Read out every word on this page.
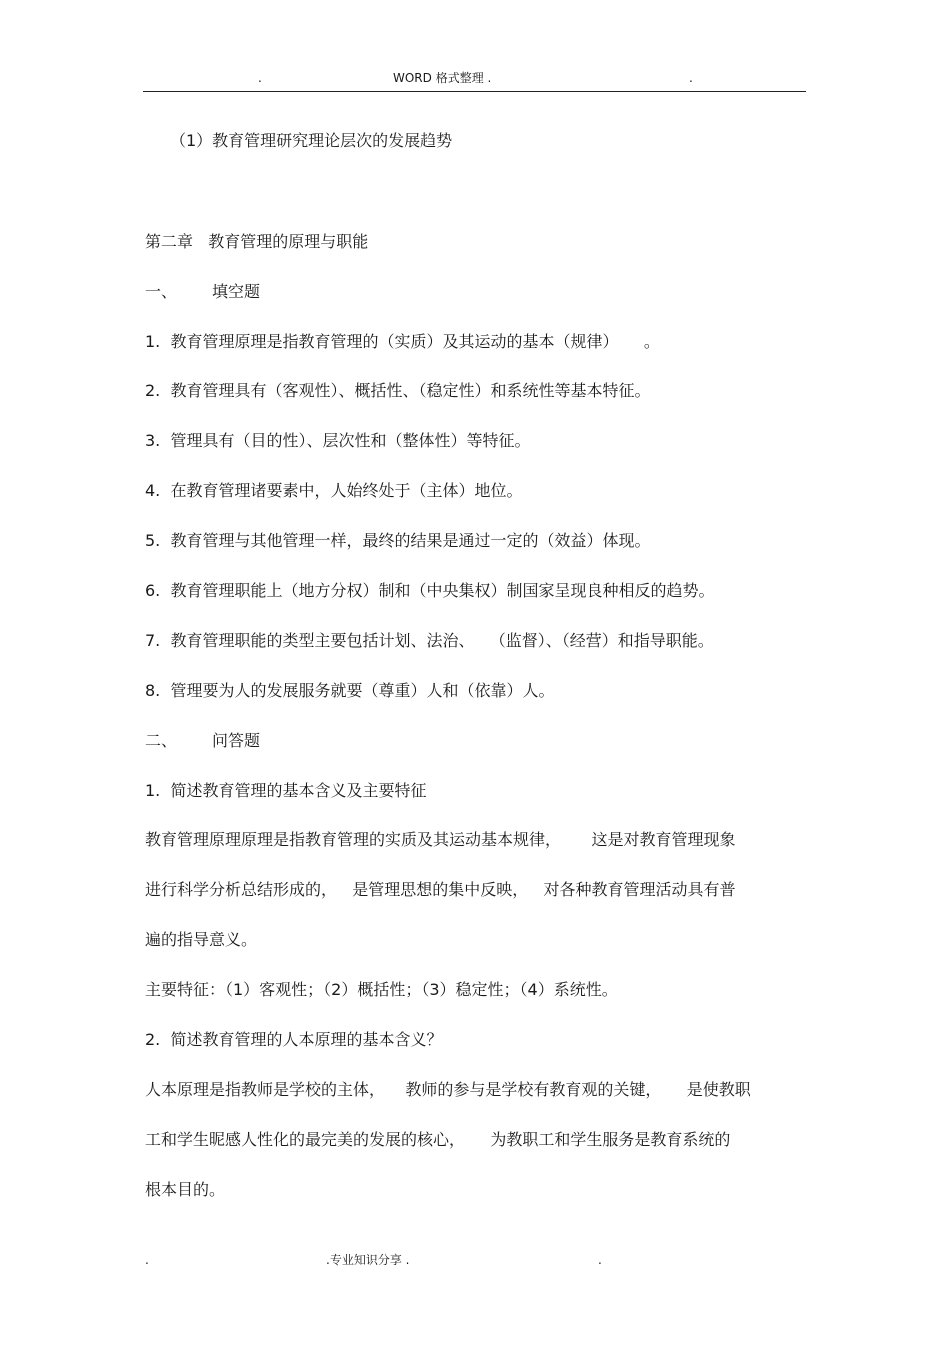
.	WORD 格式整理 .	.
（1）教育管理研究理论层次的发展趋势
第二章   教育管理的原理与职能
一、 填空题
1.  教育管理原理是指教育管理的（实质）及其运动的基本（规律）     。
2.  教育管理具有（客观性）、概括性、（稳定性）和系统性等基本特征。
3.  管理具有（目的性）、层次性和（整体性）等特征。
4.  在教育管理诸要素中，人始终处于（主体）地位。
5.  教育管理与其他管理一样，最终的结果是通过一定的（效益）体现。
6.  教育管理职能上（地方分权）制和（中央集权）制国家呈现良种相反的趋势。
7.  教育管理职能的类型主要包括计划、法治、   （监督）、（经营）和指导职能。
8.  管理要为人的发展服务就要（尊重）人和（依靠）人。
二、 问答题
1.  简述教育管理的基本含义及主要特征
教育管理原理原理是指教育管理的实质及其运动基本规律，      这是对教育管理现象
进行科学分析总结形成的，   是管理思想的集中反映，   对各种教育管理活动具有普
遍的指导意义。
主要特征：（1）客观性；（2）概括性；（3）稳定性；（4）系统性。
2.  简述教育管理的人本原理的基本含义？
人本原理是指教师是学校的主体，    教师的参与是学校有教育观的关键，     是使教职
工和学生昵感人性化的最完美的发展的核心，     为教职工和学生服务是教育系统的
根本目的。
.	.专业知识分享 .	.
